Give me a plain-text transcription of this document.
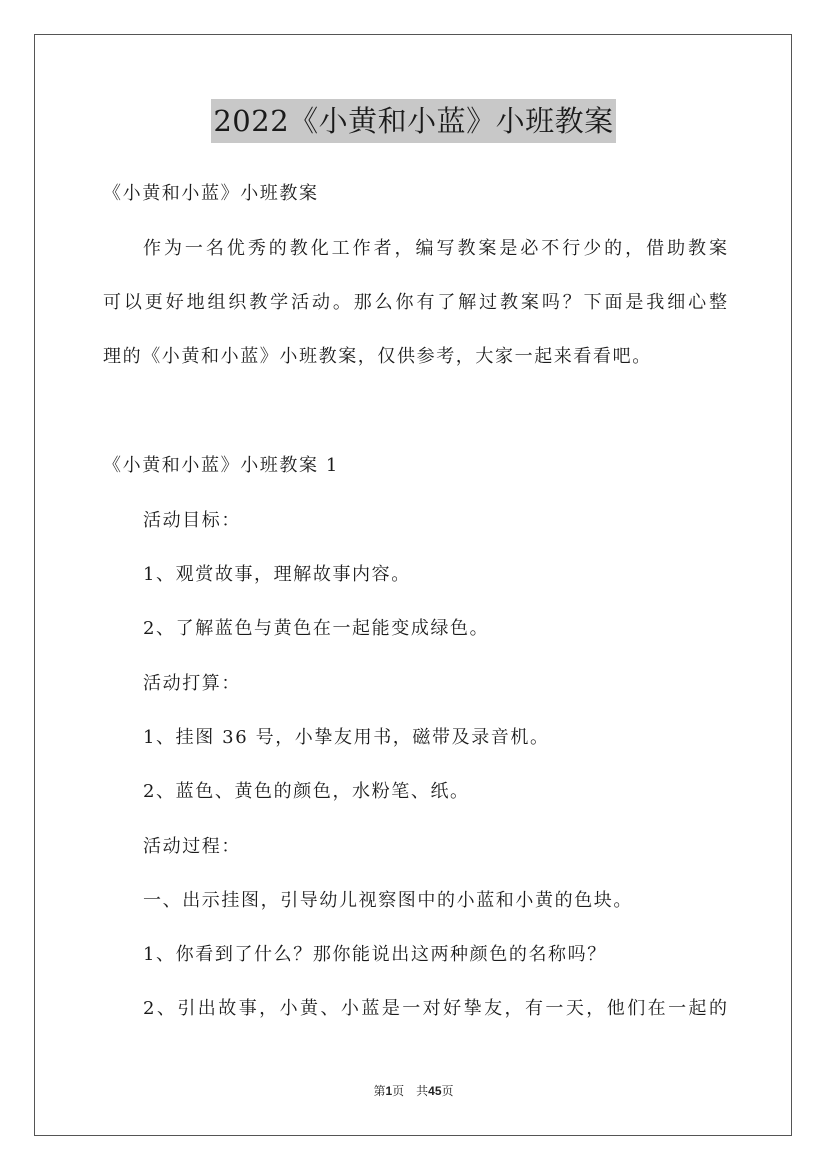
2022《小黄和小蓝》小班教案
《小黄和小蓝》小班教案
作为一名优秀的教化工作者，编写教案是必不行少的，借助教案
可以更好地组织教学活动。那么你有了解过教案吗？下面是我细心整
理的《小黄和小蓝》小班教案，仅供参考，大家一起来看看吧。
《小黄和小蓝》小班教案 1
活动目标：
1、观赏故事，理解故事内容。
2、了解蓝色与黄色在一起能变成绿色。
活动打算：
1、挂图 36 号，小挚友用书，磁带及录音机。
2、蓝色、黄色的颜色，水粉笔、纸。
活动过程：
一、出示挂图，引导幼儿视察图中的小蓝和小黄的色块。
1、你看到了什么？那你能说出这两种颜色的名称吗？
2、引出故事，小黄、小蓝是一对好挚友，有一天，他们在一起的
第1页　共45页
